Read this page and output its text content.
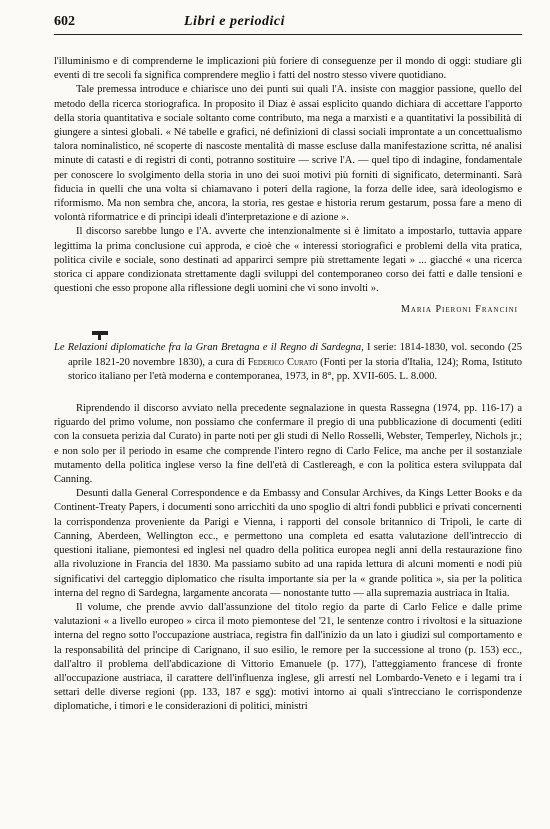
602	Libri e periodici

l'illuminismo e di comprenderne le implicazioni più foriere di conseguenze per il mondo di oggi: studiare gli eventi di tre secoli fa significa comprendere meglio i fatti del nostro stesso vivere quotidiano.

Tale premessa introduce e chiarisce uno dei punti sui quali l'A. insiste con maggior passione, quello del metodo della ricerca storiografica. In proposito il Diaz è assai esplicito quando dichiara di accettare l'apporto della storia quantitativa e sociale soltanto come contributo, ma nega a marxisti e a quantitativi la possibilità di giungere a sintesi globali. « Né tabelle e grafici, né definizioni di classi sociali improntate a un concettualismo talora nominalistico, né scoperte di nascoste mentalità di masse escluse dalla manifestazione scritta, né analisi minute di catasti e di registri di conti, potranno sostituire — scrive l'A. — quel tipo di indagine, fondamentale per conoscere lo svolgimento della storia in uno dei suoi motivi più forniti di significato, determinanti. Sarà fiducia in quelli che una volta si chiamavano i poteri della ragione, la forza delle idee, sarà ideologismo e riformismo. Ma non sembra che, ancora, la storia, res gestae e historia rerum gestarum, possa fare a meno di volontà riformatrice e di principi ideali d'interpretazione e di azione ».

Il discorso sarebbe lungo e l'A. avverte che intenzionalmente si è limitato a impostarlo, tuttavia appare legittima la prima conclusione cui approda, e cioè che « interessi storiografici e problemi della vita pratica, politica civile e sociale, sono destinati ad apparirci sempre più strettamente legati » ... giacché « una ricerca storica ci appare condizionata strettamente dagli sviluppi del contemporaneo corso dei fatti e dalle tensioni e questioni che esso propone alla riflessione degli uomini che vi sono involti ».

Maria Pieroni Francini
Le Relazioni diplomatiche fra la Gran Bretagna e il Regno di Sardegna, I serie: 1814-1830, vol. secondo (25 aprile 1821-20 novembre 1830), a cura di Federico Curato (Fonti per la storia d'Italia, 124); Roma, Istituto storico italiano per l'età moderna e contemporanea, 1973, in 8°, pp. XVII-605. L. 8.000.

Riprendendo il discorso avviato nella precedente segnalazione in questa Rassegna (1974, pp. 116-17) a riguardo del primo volume, non possiamo che confermare il pregio di una pubblicazione di documenti (editi con la consueta perizia dal Curato) in parte noti per gli studi di Nello Rosselli, Webster, Temperley, Nichols jr.; e non solo per il periodo in esame che comprende l'intero regno di Carlo Felice, ma anche per il sostanziale mutamento della politica inglese verso la fine dell'età di Castlereagh, e con la politica estera sviluppata dal Canning.

Desunti dalla General Correspondence e da Embassy and Consular Archives, da Kings Letter Books e da Continent-Treaty Papers, i documenti sono arricchiti da uno spoglio di altri fondi pubblici e privati concernenti la corrispondenza proveniente da Parigi e Vienna, i rapporti del console britannico di Tripoli, le carte di Canning, Aberdeen, Wellington ecc., e permettono una completa ed esatta valutazione dell'intreccio di questioni italiane, piemontesi ed inglesi nel quadro della politica europea negli anni della restaurazione fino alla rivoluzione in Francia del 1830. Ma passiamo subito ad una rapida lettura di alcuni momenti e nodi più significativi del carteggio diplomatico che risulta importante sia per la « grande politica », sia per la politica interna del regno di Sardegna, largamente ancorata — nonostante tutto — alla supremazia austriaca in Italia.

Il volume, che prende avvio dall'assunzione del titolo regio da parte di Carlo Felice e dalle prime valutazioni « a livello europeo » circa il moto piemontese del '21, le sentenze contro i rivoltosi e la situazione interna del regno sotto l'occupazione austriaca, registra fin dall'inizio da un lato i giudizi sul comportamento e la responsabilità del principe di Carignano, il suo esilio, le remore per la successione al trono (p. 153) ecc., dall'altro il problema dell'abdicazione di Vittorio Emanuele (p. 177), l'atteggiamento francese di fronte all'occupazione austriaca, il carattere dell'influenza inglese, gli arresti nel Lombardo-Veneto e i legami tra i settari delle diverse regioni (pp. 133, 187 e sgg): motivi intorno ai quali s'intrecciano le corrispondenze diplomatiche, i timori e le considerazioni di politici, ministri
